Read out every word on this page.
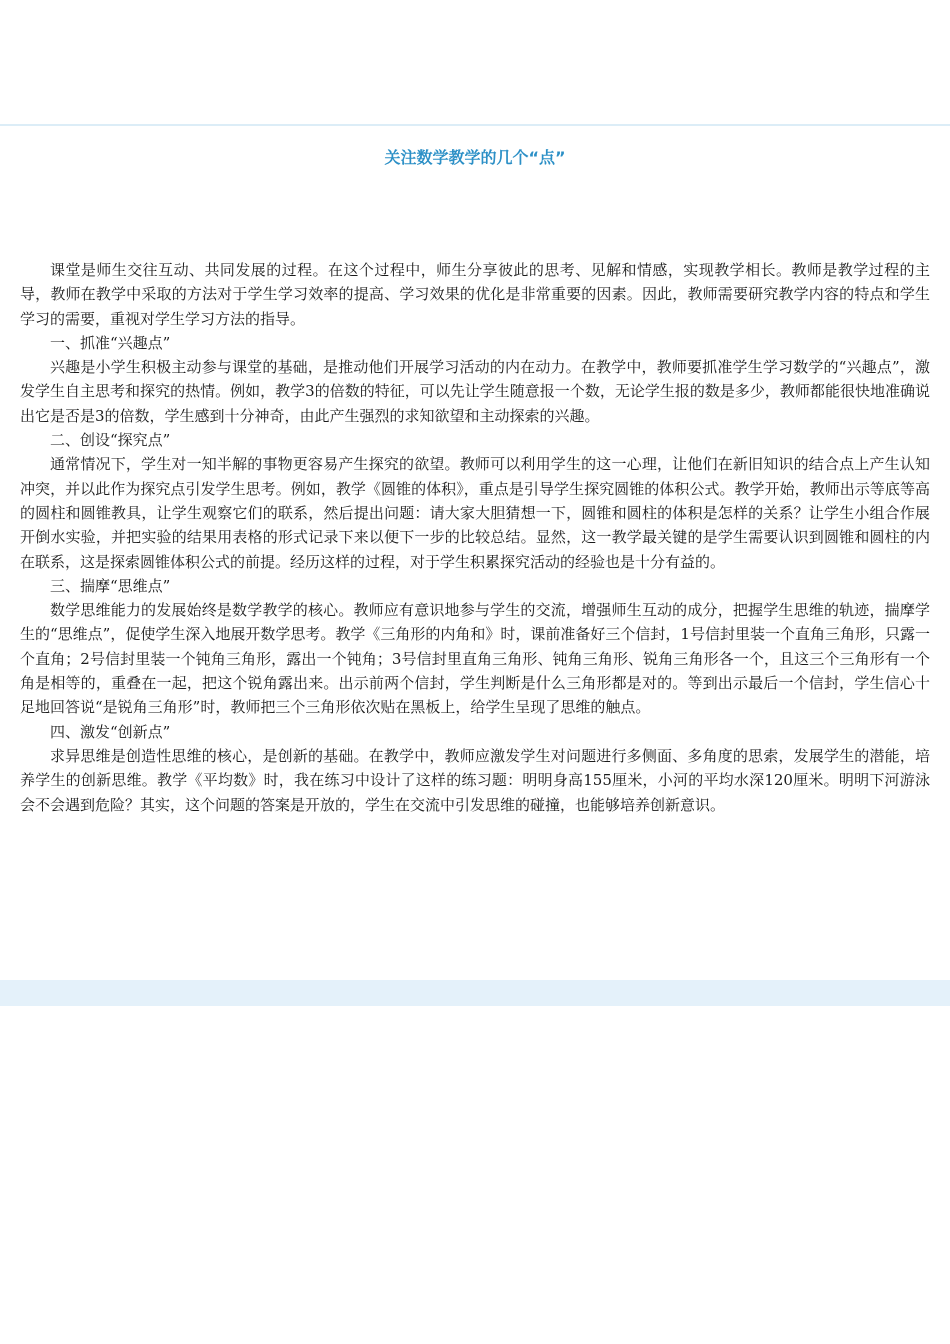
关注数学教学的几个“点”

课堂是师生交往互动、共同发展的过程。在这个过程中，师生分享彼此的思考、见解和情感，实现教学相长。教师是教学过程的主导，教师在教学中采取的方法对于学生学习效率的提高、学习效果的优化是非常重要的因素。因此，教师需要研究教学内容的特点和学生学习的需要，重视对学生学习方法的指导。

一、抓准“兴趣点”

兴趣是小学生积极主动参与课堂的基础，是推动他们开展学习活动的内在动力。在教学中，教师要抓准学生学习数学的“兴趣点”，激发学生自主思考和探究的热情。例如，教学3的倍数的特征，可以先让学生随意报一个数，无论学生报的数是多少，教师都能很快地准确说出它是否是3的倍数，学生感到十分神奇，由此产生强烈的求知欲望和主动探索的兴趣。

二、创设“探究点”

通常情况下，学生对一知半解的事物更容易产生探究的欲望。教师可以利用学生的这一心理，让他们在新旧知识的结合点上产生认知冲突，并以此作为探究点引发学生思考。例如，教学《圆锥的体积》，重点是引导学生探究圆锥的体积公式。教学开始，教师出示等底等高的圆柱和圆锥教具，让学生观察它们的联系，然后提出问题：请大家大胆猜想一下，圆锥和圆柱的体积是怎样的关系？让学生小组合作展开倒水实验，并把实验的结果用表格的形式记录下来以便下一步的比较总结。显然，这一教学最关键的是学生需要认识到圆锥和圆柱的内在联系，这是探索圆锥体积公式的前提。经历这样的过程，对于学生积累探究活动的经验也是十分有益的。

三、揣摩“思维点”

数学思维能力的发展始终是数学教学的核心。教师应有意识地参与学生的交流，增强师生互动的成分，把握学生思维的轨迹，揣摩学生的“思维点”，促使学生深入地展开数学思考。教学《三角形的内角和》时，课前准备好三个信封，1号信封里装一个直角三角形，只露一个直角；2号信封里装一个钝角三角形，露出一个钝角；3号信封里直角三角形、钝角三角形、锐角三角形各一个，且这三个三角形有一个角是相等的，重叠在一起，把这个锐角露出来。出示前两个信封，学生判断是什么三角形都是对的。等到出示最后一个信封，学生信心十足地回答说“是锐角三角形”时，教师把三个三角形依次贴在黑板上，给学生呈现了思维的触点。

四、激发“创新点”

求异思维是创造性思维的核心，是创新的基础。在教学中，教师应激发学生对问题进行多侧面、多角度的思索，发展学生的潜能，培养学生的创新思维。教学《平均数》时，我在练习中设计了这样的练习题：明明身高155厘米，小河的平均水深120厘米。明明下河游泳会不会遇到危险？其实，这个问题的答案是开放的，学生在交流中引发思维的碰撞，也能够培养创新意识。
